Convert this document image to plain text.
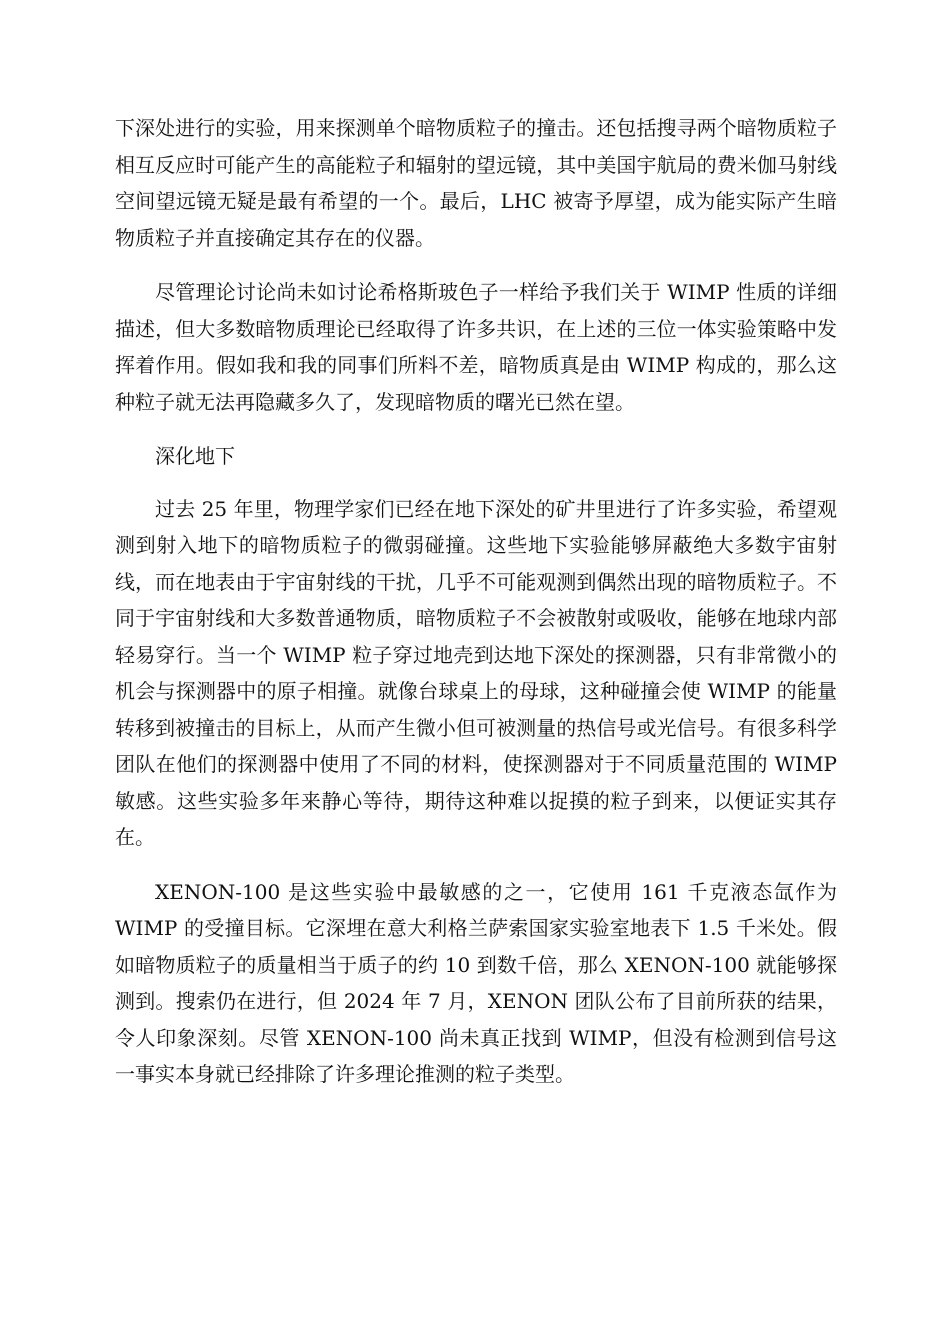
下深处进行的实验，用来探测单个暗物质粒子的撞击。还包括搜寻两个暗物质粒子相互反应时可能产生的高能粒子和辐射的望远镜，其中美国宇航局的费米伽马射线空间望远镜无疑是最有希望的一个。最后，LHC 被寄予厚望，成为能实际产生暗物质粒子并直接确定其存在的仪器。

尽管理论讨论尚未如讨论希格斯玻色子一样给予我们关于 WIMP 性质的详细描述，但大多数暗物质理论已经取得了许多共识，在上述的三位一体实验策略中发挥着作用。假如我和我的同事们所料不差，暗物质真是由 WIMP 构成的，那么这种粒子就无法再隐藏多久了，发现暗物质的曙光已然在望。

深化地下

过去 25 年里，物理学家们已经在地下深处的矿井里进行了许多实验，希望观测到射入地下的暗物质粒子的微弱碰撞。这些地下实验能够屏蔽绝大多数宇宙射线，而在地表由于宇宙射线的干扰，几乎不可能观测到偶然出现的暗物质粒子。不同于宇宙射线和大多数普通物质，暗物质粒子不会被散射或吸收，能够在地球内部轻易穿行。当一个 WIMP 粒子穿过地壳到达地下深处的探测器，只有非常微小的机会与探测器中的原子相撞。就像台球桌上的母球，这种碰撞会使 WIMP 的能量转移到被撞击的目标上，从而产生微小但可被测量的热信号或光信号。有很多科学团队在他们的探测器中使用了不同的材料，使探测器对于不同质量范围的 WIMP 敏感。这些实验多年来静心等待，期待这种难以捉摸的粒子到来，以便证实其存在。

XENON-100 是这些实验中最敏感的之一，它使用 161 千克液态氙作为 WIMP 的受撞目标。它深埋在意大利格兰萨索国家实验室地表下 1.5 千米处。假如暗物质粒子的质量相当于质子的约 10 到数千倍，那么 XENON-100 就能够探测到。搜索仍在进行，但 2024 年 7 月，XENON 团队公布了目前所获的结果，令人印象深刻。尽管 XENON-100 尚未真正找到 WIMP，但没有检测到信号这一事实本身就已经排除了许多理论推测的粒子类型。
